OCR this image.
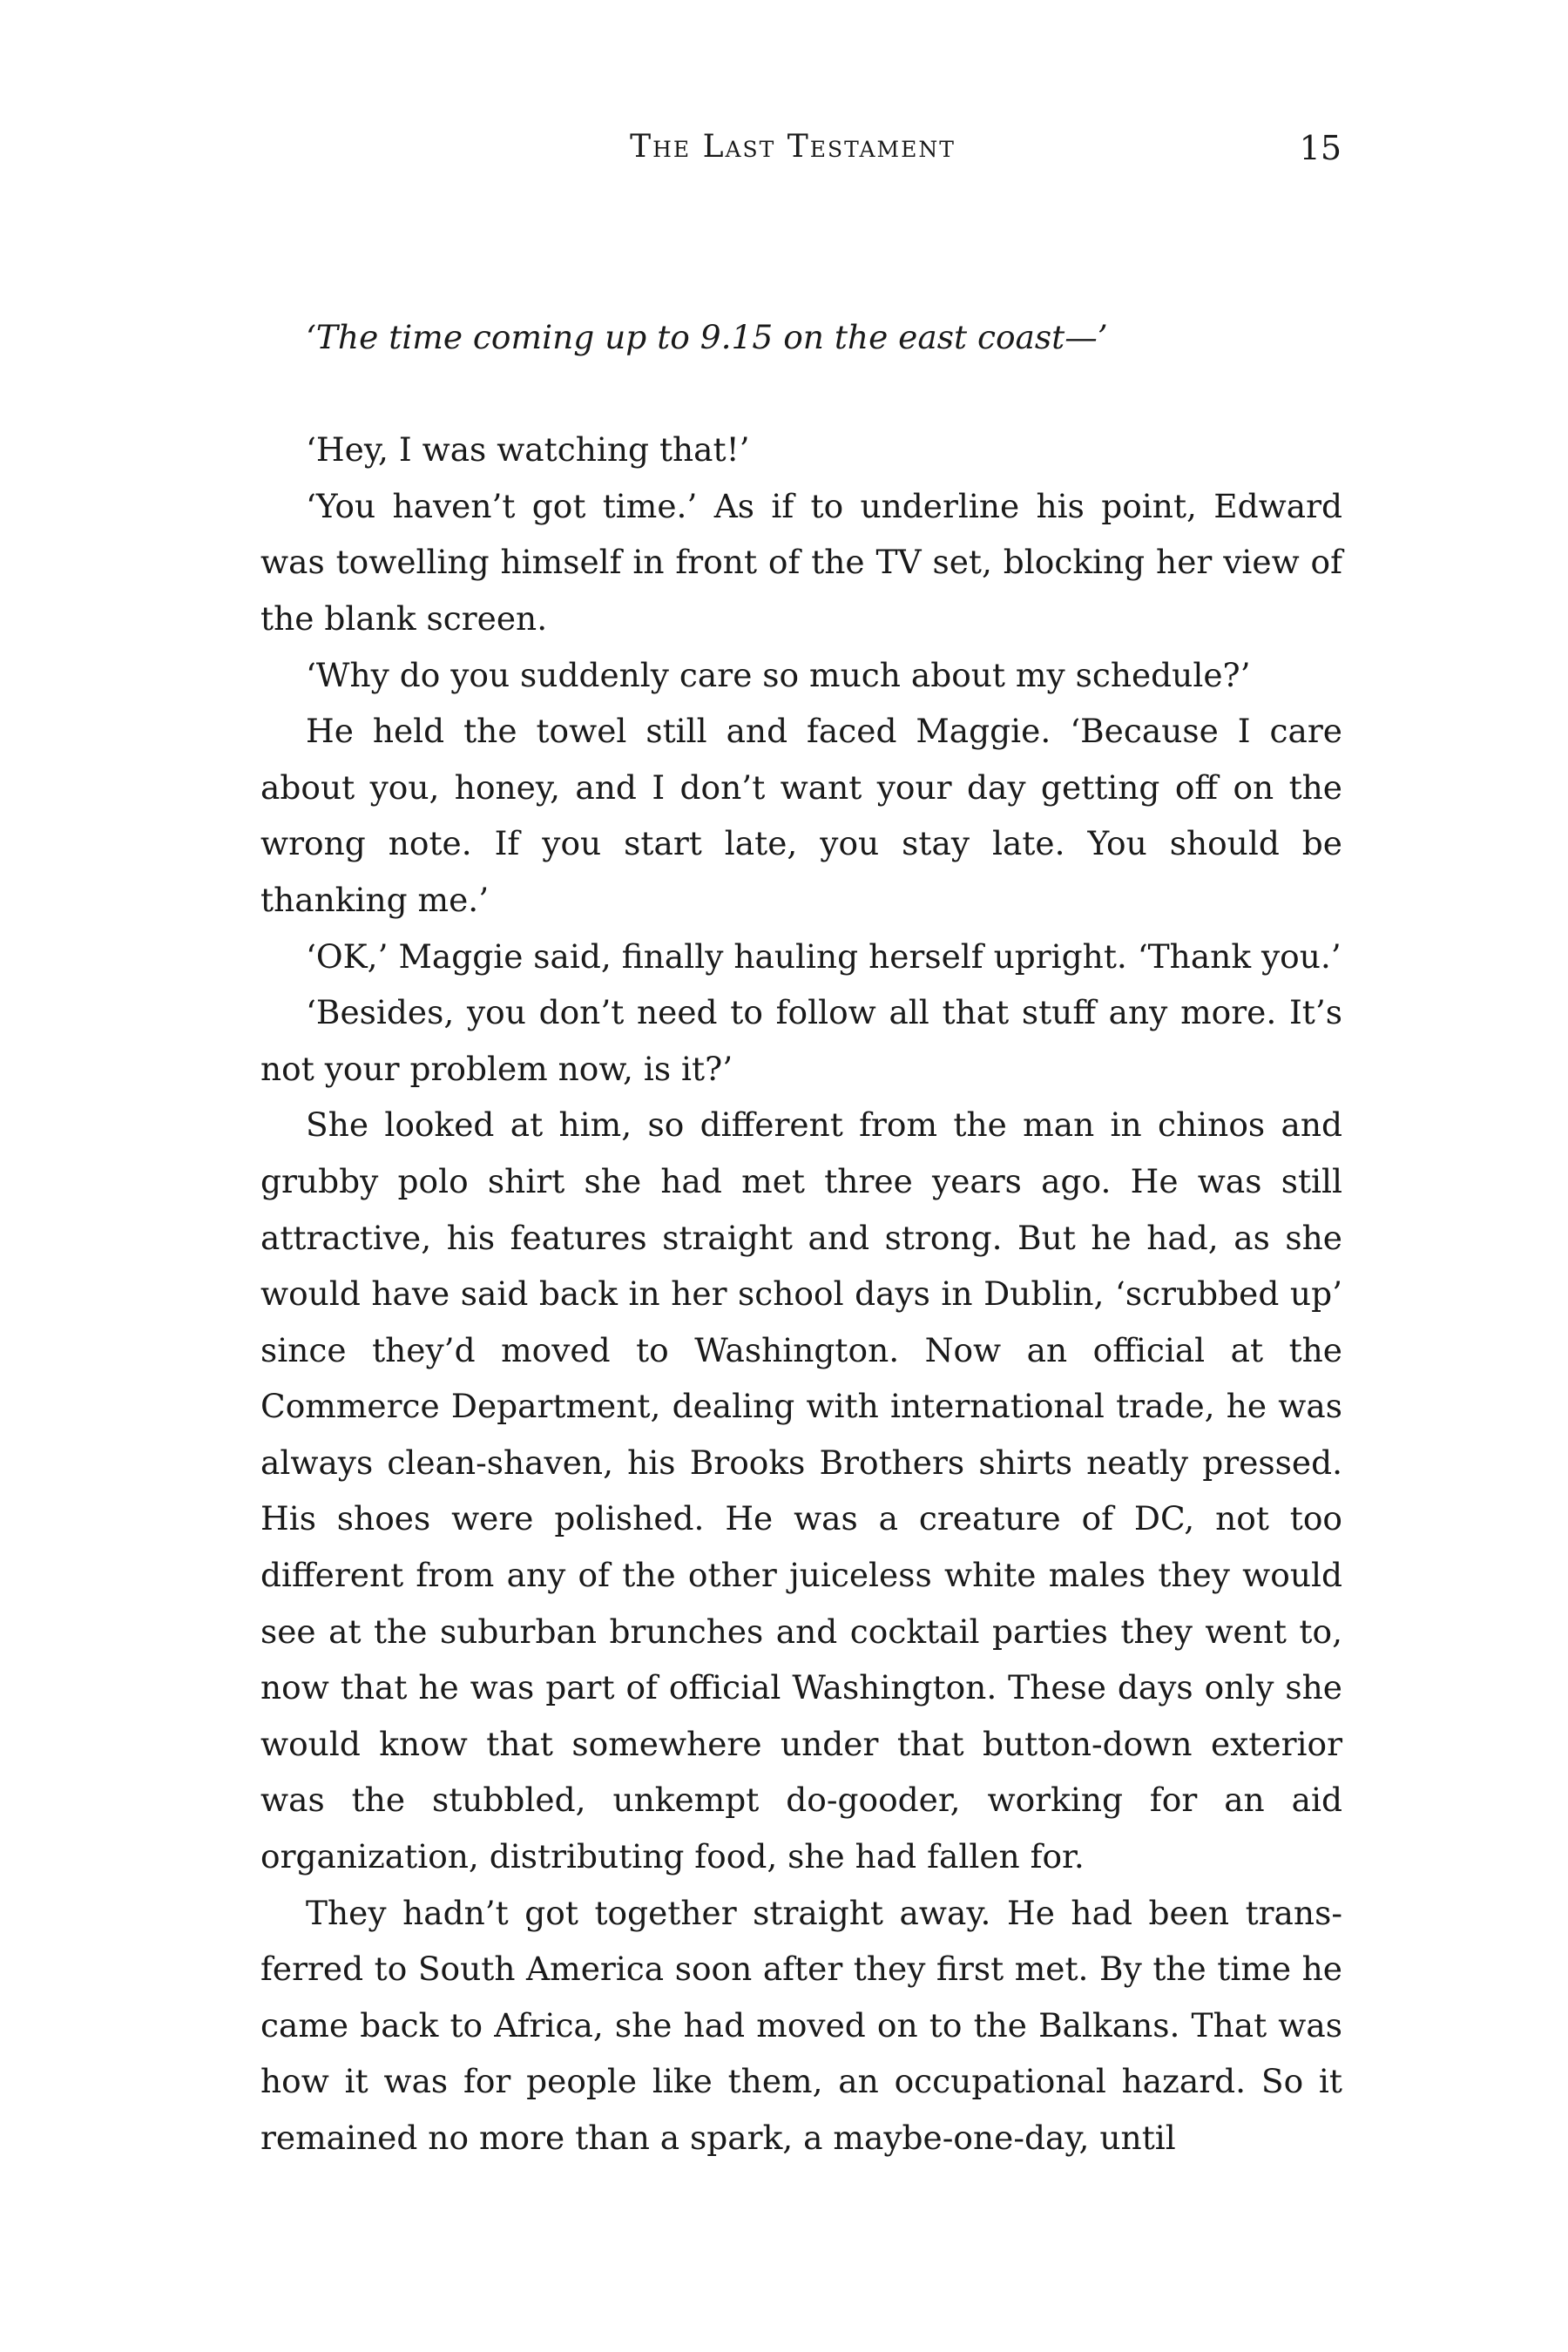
The Last Testament	15

‘The time coming up to 9.15 on the east coast—’

‘Hey, I was watching that!’

‘You haven’t got time.’ As if to underline his point, Edward was towelling himself in front of the TV set, blocking her view of the blank screen.

‘Why do you suddenly care so much about my schedule?’

He held the towel still and faced Maggie. ‘Because I care about you, honey, and I don’t want your day getting off on the wrong note. If you start late, you stay late. You should be thanking me.’

‘OK,’ Maggie said, finally hauling herself upright. ‘Thank you.’

‘Besides, you don’t need to follow all that stuff any more. It’s not your problem now, is it?’

She looked at him, so different from the man in chinos and grubby polo shirt she had met three years ago. He was still attractive, his features straight and strong. But he had, as she would have said back in her school days in Dublin, ‘scrubbed up’ since they’d moved to Washington. Now an official at the Commerce Department, dealing with international trade, he was always clean-shaven, his Brooks Brothers shirts neatly pressed. His shoes were polished. He was a creature of DC, not too different from any of the other juiceless white males they would see at the suburban brunches and cocktail parties they went to, now that he was part of official Washington. These days only she would know that somewhere under that button-down exterior was the stubbled, unkempt do-gooder, working for an aid organization, distributing food, she had fallen for.

They hadn’t got together straight away. He had been transferred to South America soon after they first met. By the time he came back to Africa, she had moved on to the Balkans. That was how it was for people like them, an occupational hazard. So it remained no more than a spark, a maybe-one-day, until
